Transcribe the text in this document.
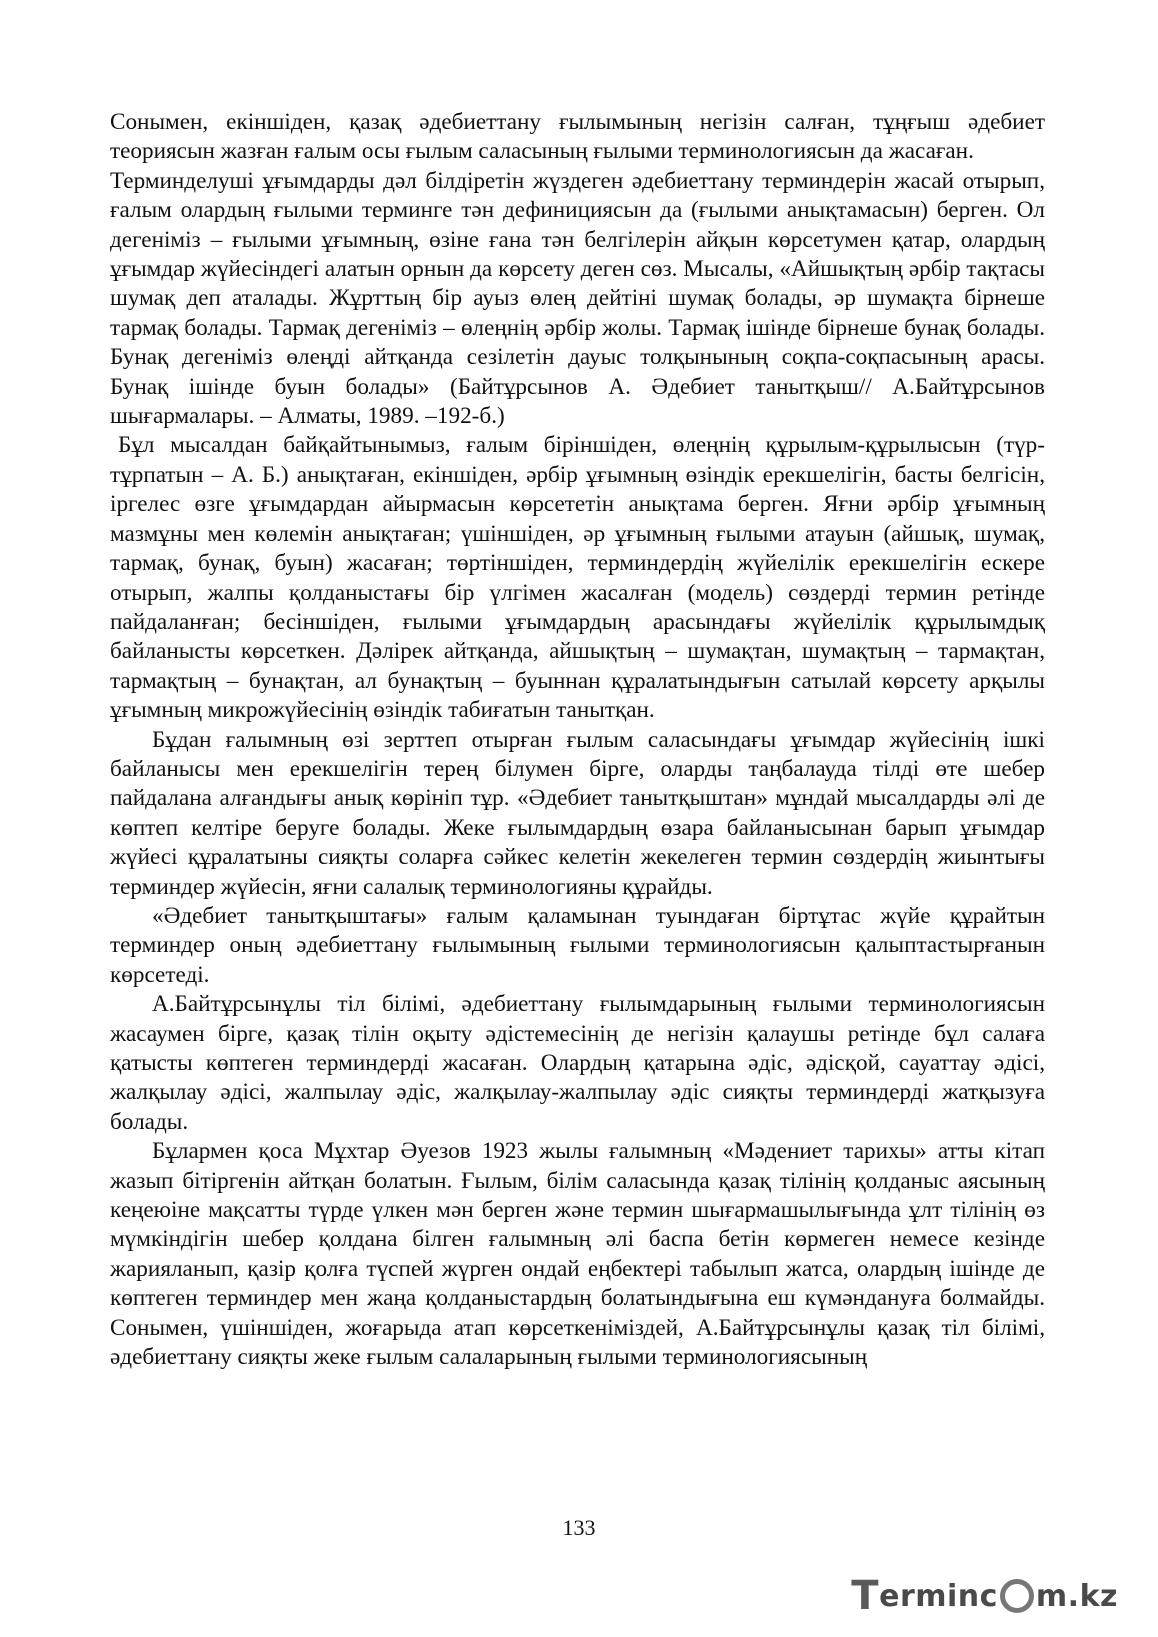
Сонымен, екіншіден, қазақ әдебиеттану ғылымының негізін салған, тұңғыш әдебиет теориясын жазған ғалым осы ғылым саласының ғылыми терминологиясын да жасаған.

Терминделуші ұғымдарды дәл білдіретін жүздеген әдебиеттану терминдерін жасай отырып, ғалым олардың ғылыми терминге тән дефинициясын да (ғылыми анықтамасын) берген. Ол дегеніміз – ғылыми ұғымның, өзіне ғана тән белгілерін айқын көрсетумен қатар, олардың ұғымдар жүйесіндегі алатын орнын да көрсету деген сөз. Мысалы, «Айшықтың әрбір тақтасы шумақ деп аталады. Жұрттың бір ауыз өлең дейтіні шумақ болады, әр шумақта бірнеше тармақ болады. Тармақ дегеніміз – өлеңнің әрбір жолы. Тармақ ішінде бірнеше бунақ болады. Бунақ дегеніміз өлеңді айтқанда сезілетін дауыс толқынының соқпа-соқпасының арасы. Бунақ ішінде буын болады» (Байтұрсынов А. Әдебиет танытқыш// А.Байтұрсынов шығармалары. – Алматы, 1989. –192-б.)

Бұл мысалдан байқайтынымыз, ғалым біріншіден, өлеңнің құрылым-құрылысын (түр-тұрпатын – А. Б.) анықтаған, екіншіден, әрбір ұғымның өзіндік ерекшелігін, басты белгісін, іргелес өзге ұғымдардан айырмасын көрсететін анықтама берген. Яғни әрбір ұғымның мазмұны мен көлемін анықтаған; үшіншіден, әр ұғымның ғылыми атауын (айшық, шумақ, тармақ, бунақ, буын) жасаған; төртіншіден, терминдердің жүйелілік ерекшелігін ескере отырып, жалпы қолданыстағы бір үлгімен жасалған (модель) сөздерді термин ретінде пайдаланған; бесіншіден, ғылыми ұғымдардың арасындағы жүйелілік құрылымдық байланысты көрсеткен. Дәлірек айтқанда, айшықтың – шумақтан, шумақтың – тармақтан, тармақтың – бунақтан, ал бунақтың – буыннан құралатындығын сатылай көрсету арқылы ұғымның микрожүйесінің өзіндік табиғатын танытқан.

Бұдан ғалымның өзі зерттеп отырған ғылым саласындағы ұғымдар жүйесінің ішкі байланысы мен ерекшелігін терең білумен бірге, оларды таңбалауда тілді өте шебер пайдалана алғандығы анық көрініп тұр. «Әдебиет танытқыштан» мұндай мысалдарды әлі де көптеп келтіре беруге болады. Жеке ғылымдардың өзара байланысынан барып ұғымдар жүйесі құралатыны сияқты соларға сәйкес келетін жекелеген термин сөздердің жиынтығы терминдер жүйесін, яғни салалық терминологияны құрайды.

«Әдебиет танытқыштағы» ғалым қаламынан туындаған біртұтас жүйе құрайтын терминдер оның әдебиеттану ғылымының ғылыми терминологиясын қалыптастырғанын көрсетеді.

А.Байтұрсынұлы тіл білімі, әдебиеттану ғылымдарының ғылыми терминологиясын жасаумен бірге, қазақ тілін оқыту әдістемесінің де негізін қалаушы ретінде бұл салаға қатысты көптеген терминдерді жасаған. Олардың қатарына әдіс, әдісқой, сауаттау әдісі, жалқылау әдісі, жалпылау әдіс, жалқылау-жалпылау әдіс сияқты терминдерді жатқызуға болады.

Бұлармен қоса Мұхтар Әуезов 1923 жылы ғалымның «Мәдениет тарихы» атты кітап жазып бітіргенін айтқан болатын. Ғылым, білім саласында қазақ тілінің қолданыс аясының кеңеюіне мақсатты түрде үлкен мән берген және термин шығармашылығында ұлт тілінің өз мүмкіндігін шебер қолдана білген ғалымның әлі баспа бетін көрмеген немесе кезінде жарияланып, қазір қолға түспей жүрген ондай еңбектері табылып жатса, олардың ішінде де көптеген терминдер мен жаңа қолданыстардың болатындығына еш күмәндануға болмайды. Сонымен, үшіншіден, жоғарыда атап көрсеткеніміздей, А.Байтұрсынұлы қазақ тіл білімі, әдебиеттану сияқты жеке ғылым салаларының ғылыми терминологиясының

133
T erminc m.kz
